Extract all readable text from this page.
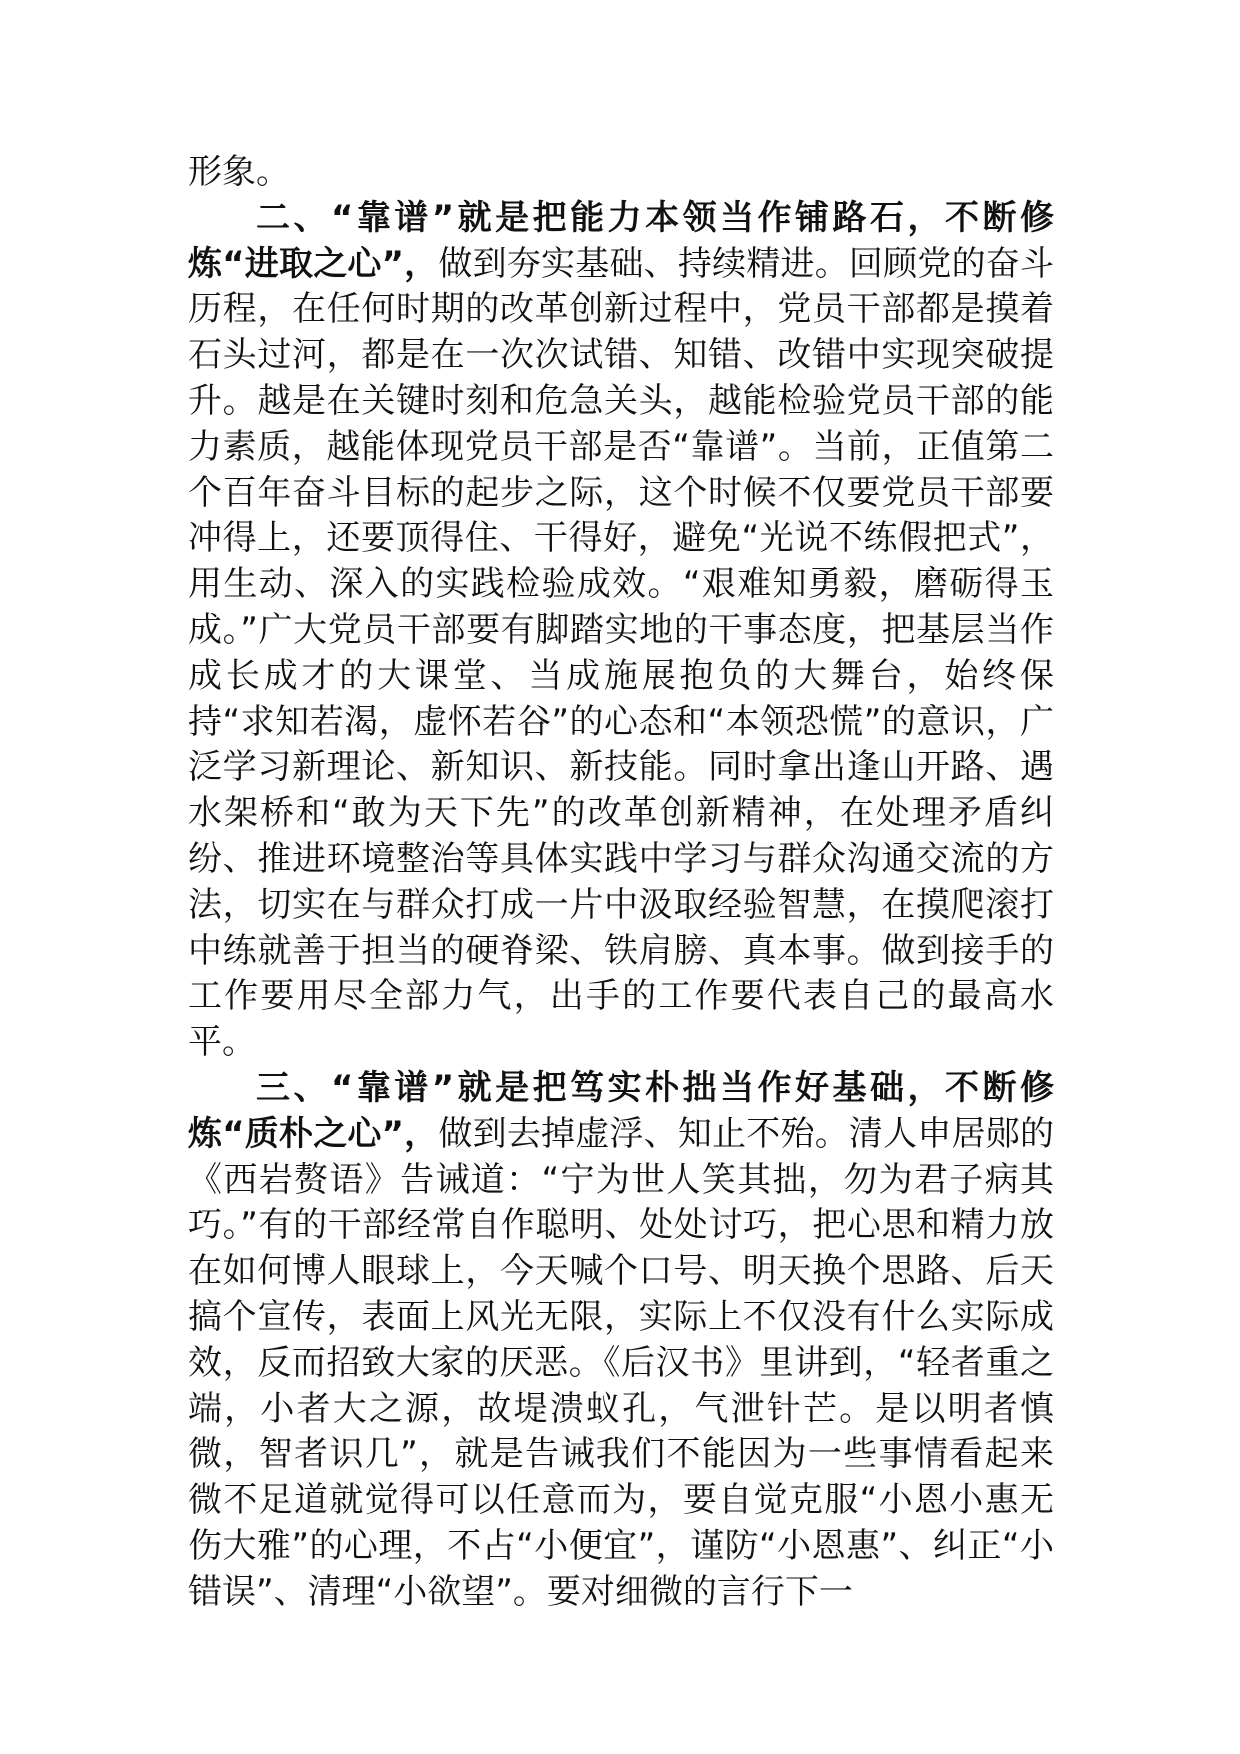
形象。

二、“靠谱”就是把能力本领当作铺路石，不断修炼“进取之心”，做到夯实基础、持续精进。回顾党的奋斗历程，在任何时期的改革创新过程中，党员干部都是摸着石头过河，都是在一次次试错、知错、改错中实现突破提升。越是在关键时刻和危急关头，越能检验党员干部的能力素质，越能体现党员干部是否“靠谱”。当前，正值第二个百年奋斗目标的起步之际，这个时候不仅要党员干部要冲得上，还要顶得住、干得好，避免“光说不练假把式”，用生动、深入的实践检验成效。“艰难知勇毅，磨砺得玉成。”广大党员干部要有脚踏实地的干事态度，把基层当作成长成才的大课堂、当成施展抱负的大舞台，始终保持“求知若渴，虚怀若谷”的心态和“本领恐慌”的意识，广泛学习新理论、新知识、新技能。同时拿出逢山开路、遇水架桥和“敢为天下先”的改革创新精神，在处理矛盾纠纷、推进环境整治等具体实践中学习与群众沟通交流的方法，切实在与群众打成一片中汲取经验智慧，在摸爬滚打中练就善于担当的硬脊梁、铁肩膀、真本事。做到接手的工作要用尽全部力气，出手的工作要代表自己的最高水平。

三、“靠谱”就是把笃实朴拙当作好基础，不断修炼“质朴之心”，做到去掉虚浮、知止不殆。清人申居郧的《西岩赘语》告诫道：“宁为世人笑其拙，勿为君子病其巧。”有的干部经常自作聪明、处处讨巧，把心思和精力放在如何博人眼球上，今天喊个口号、明天换个思路、后天搞个宣传，表面上风光无限，实际上不仅没有什么实际成效，反而招致大家的厌恶。《后汉书》里讲到，“轻者重之端，小者大之源，故堤溃蚁孔，气泄针芒。是以明者慎微，智者识几”，就是告诫我们不能因为一些事情看起来微不足道就觉得可以任意而为，要自觉克服“小恩小惠无伤大雅”的心理，不占“小便宜”，谨防“小恩惠”、纠正“小错误”、清理“小欲望”。要对细微的言行下一
